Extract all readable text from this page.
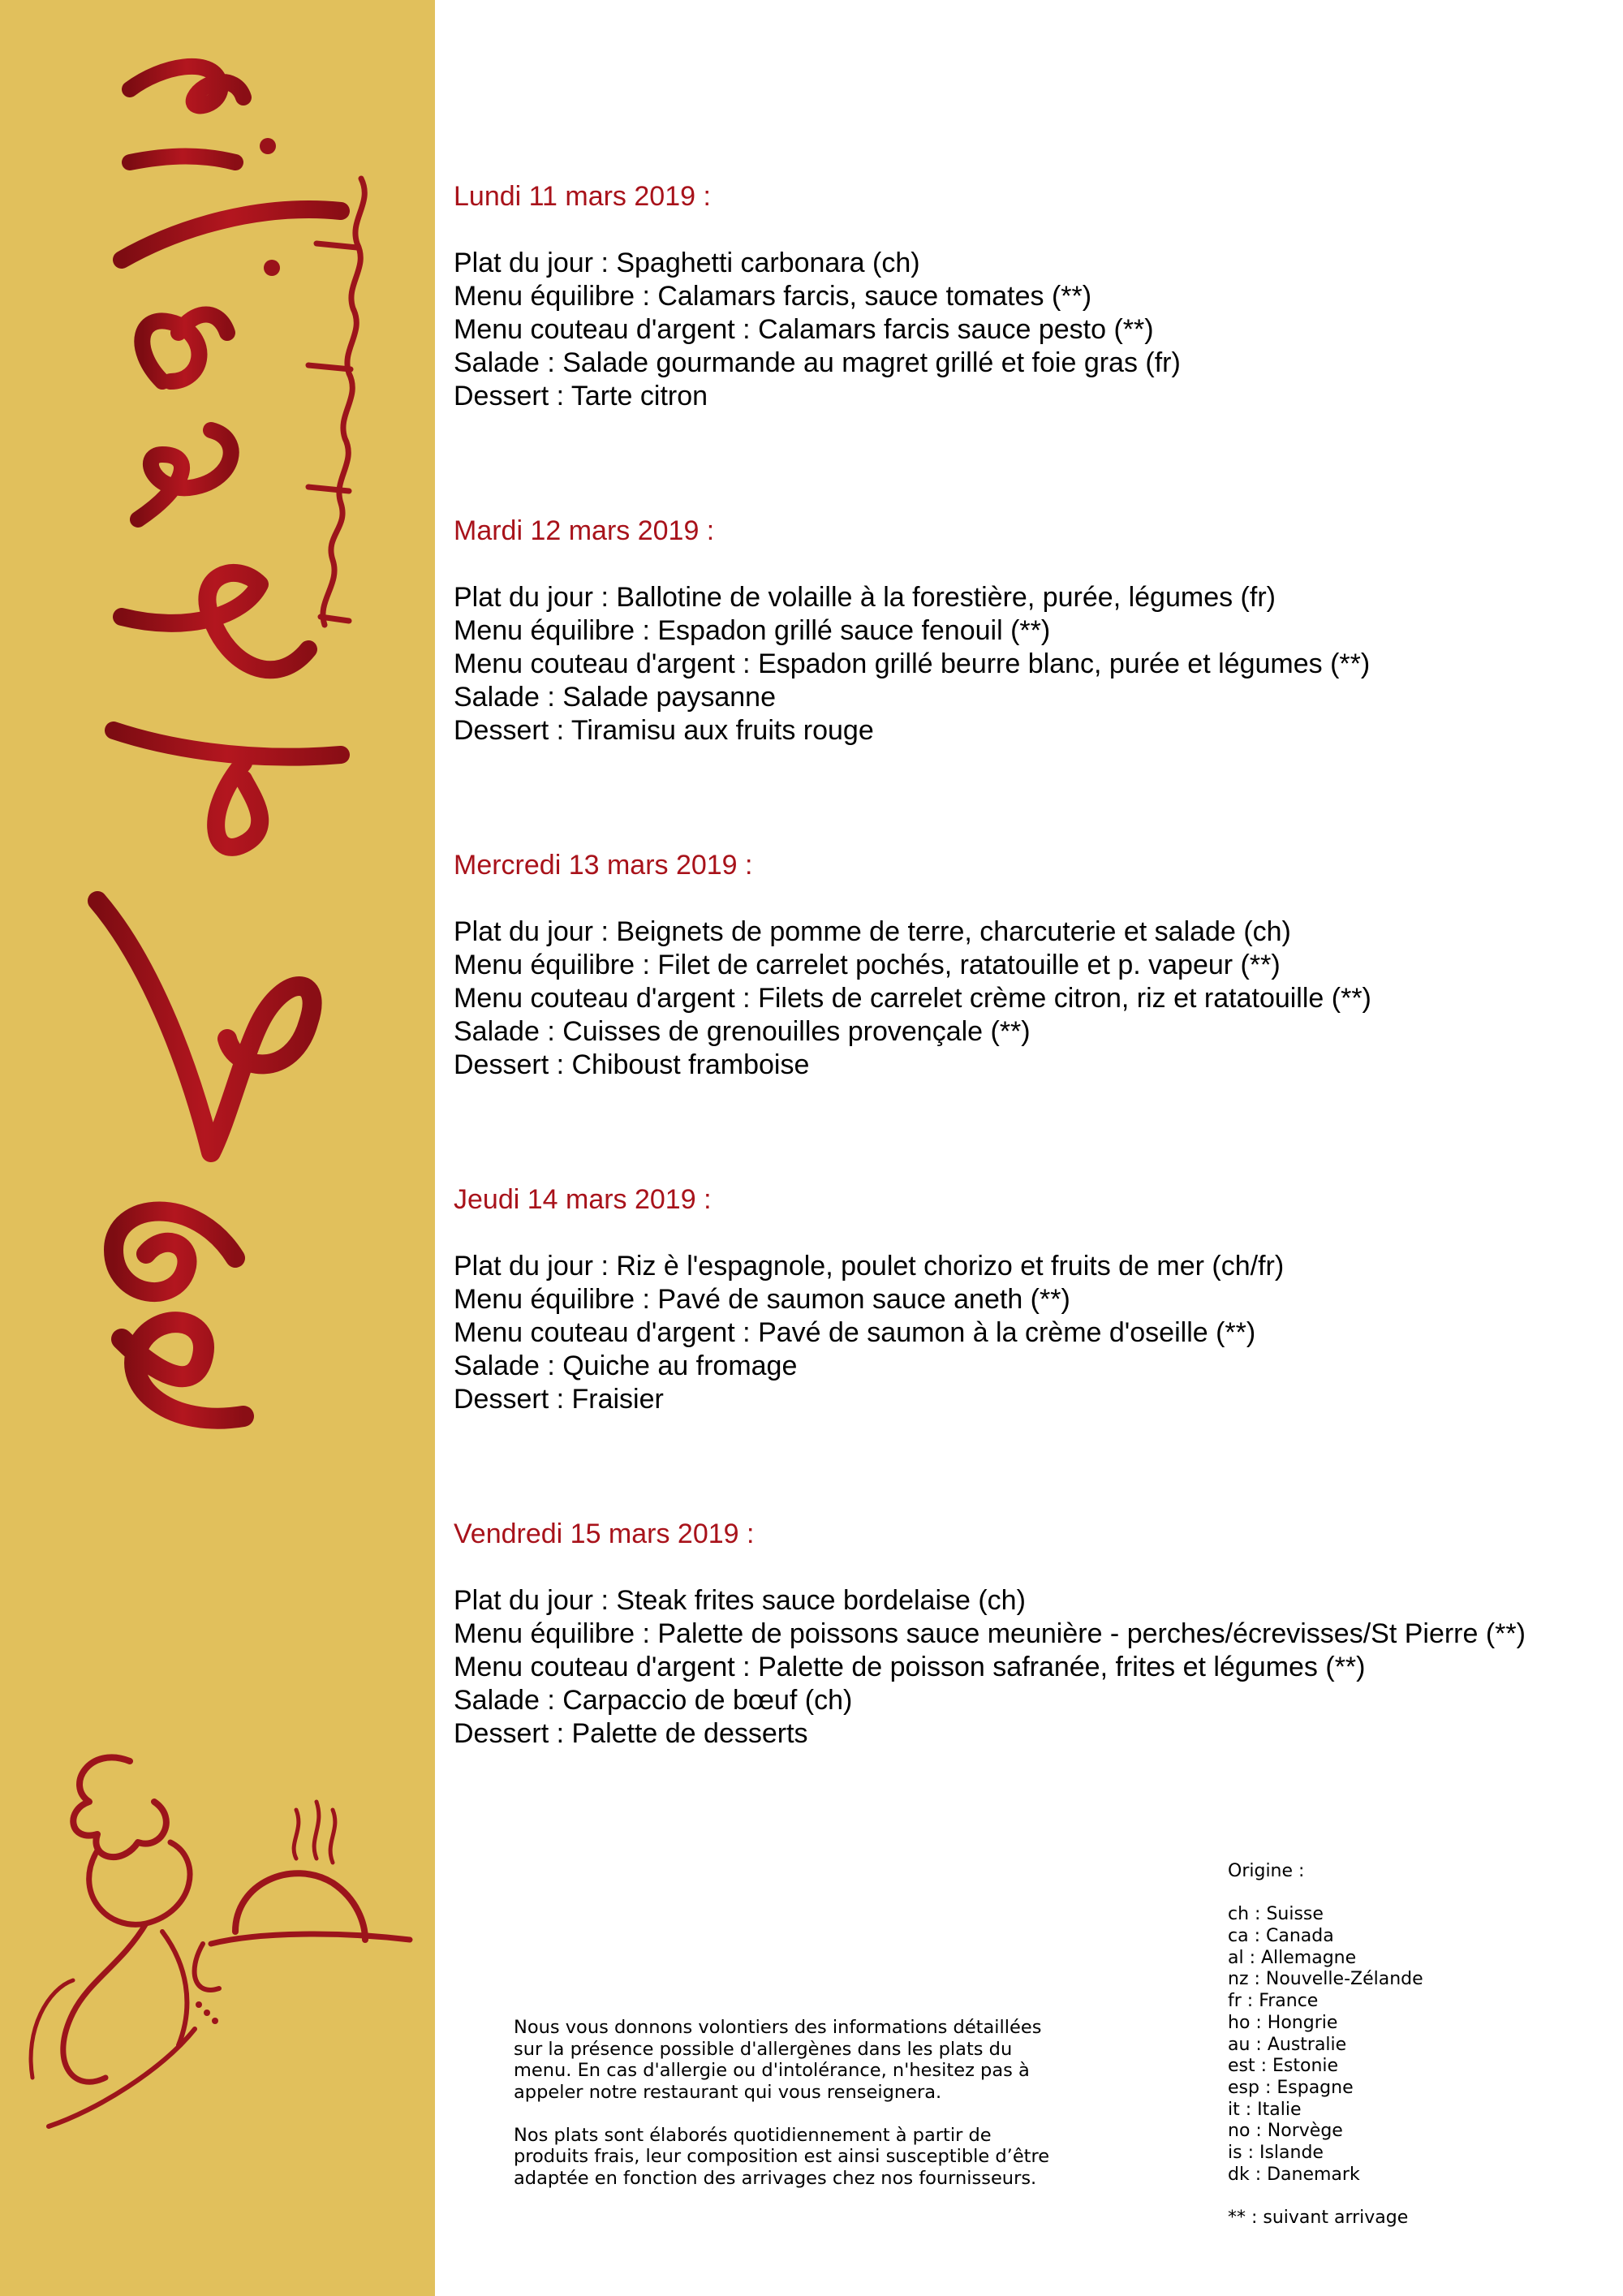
Lundi 11 mars 2019 :
Plat du jour : Spaghetti carbonara (ch)
Menu équilibre : Calamars farcis, sauce tomates (**)
Menu couteau d'argent : Calamars farcis sauce pesto (**)
Salade : Salade gourmande au magret grillé et foie gras (fr)
Dessert : Tarte citron
Mardi 12 mars 2019 :
Plat du jour : Ballotine de volaille à la forestière, purée, légumes (fr)
Menu équilibre : Espadon grillé sauce fenouil (**)
Menu couteau d'argent : Espadon grillé beurre blanc, purée et légumes (**)
Salade : Salade paysanne
Dessert : Tiramisu aux fruits rouge
Mercredi 13 mars 2019 :
Plat du jour : Beignets de pomme de terre, charcuterie et salade (ch)
Menu équilibre : Filet de carrelet pochés, ratatouille et p. vapeur (**)
Menu couteau d'argent : Filets de carrelet crème citron, riz et ratatouille (**)
Salade : Cuisses de grenouilles provençale (**)
Dessert : Chiboust framboise
Jeudi 14 mars 2019 :
Plat du jour : Riz è l'espagnole, poulet chorizo et fruits de mer (ch/fr)
Menu équilibre : Pavé de saumon sauce aneth (**)
Menu couteau d'argent : Pavé de saumon à la crème d'oseille (**)
Salade : Quiche au fromage
Dessert : Fraisier
Vendredi 15 mars 2019 :
Plat du jour : Steak frites sauce bordelaise (ch)
Menu équilibre : Palette de poissons sauce meunière - perches/écrevisses/St Pierre (**)
Menu couteau d'argent : Palette de poisson safranée, frites et légumes (**)
Salade : Carpaccio de bœuf (ch)
Dessert : Palette de desserts

Nous vous donnons volontiers des informations détaillées

sur la présence possible d'allergènes dans les plats du

menu. En cas d'allergie ou d'intolérance, n'hesitez pas à

appeler notre restaurant qui vous renseignera.

Nos plats sont élaborés quotidiennement à partir de

produits frais, leur composition est ainsi susceptible d’être

adaptée en fonction des arrivages chez nos fournisseurs.

Origine :
ch : Suisse
ca : Canada
al : Allemagne
nz : Nouvelle-Zélande
fr : France
ho : Hongrie
au : Australie
est : Estonie
esp : Espagne
it : Italie
no : Norvège
is : Islande
dk : Danemark
** : suivant arrivage
